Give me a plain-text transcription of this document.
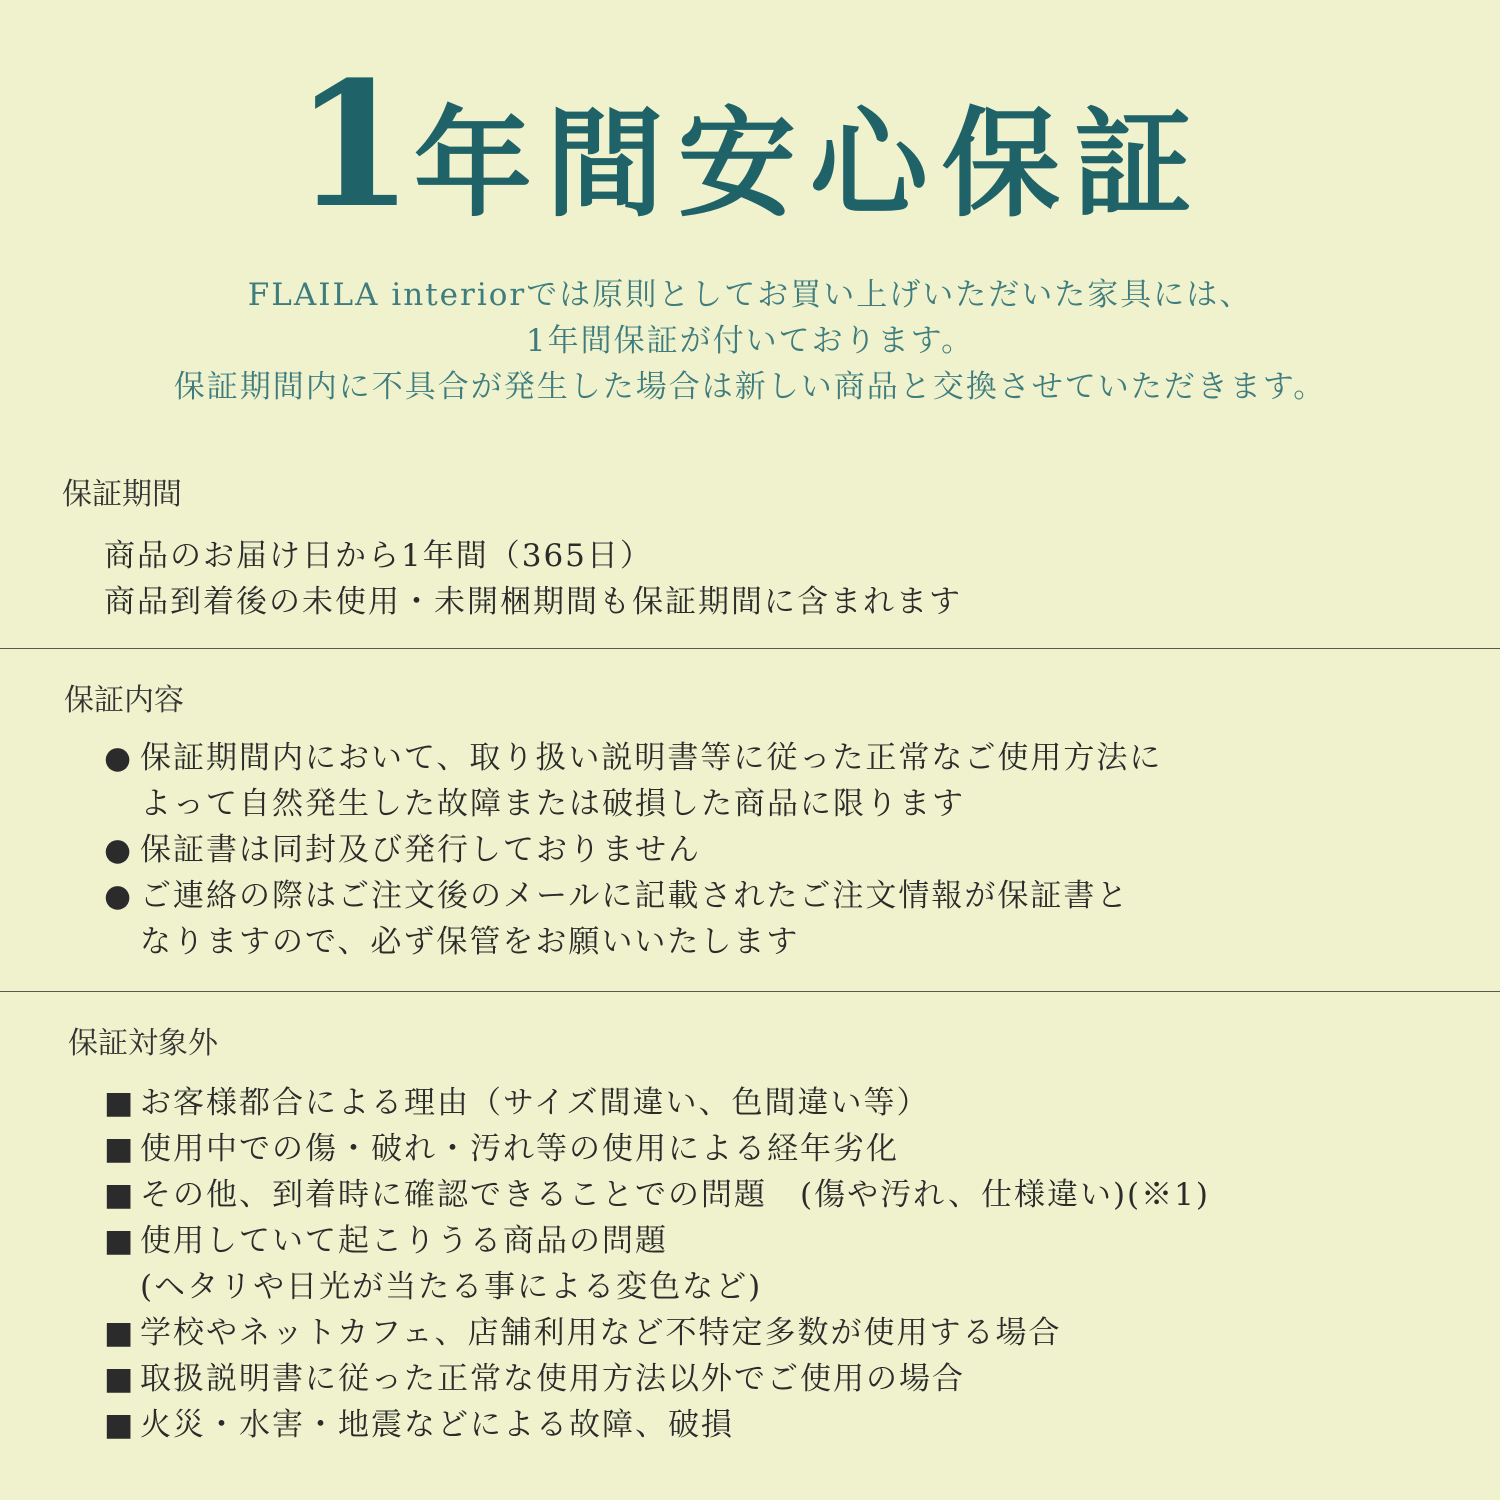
1年間安心保証
FLAILA interiorでは原則としてお買い上げいただいた家具には、
1年間保証が付いております。
保証期間内に不具合が発生した場合は新しい商品と交換させていただきます。
保証期間
商品のお届け日から1年間（365日）
商品到着後の未使用・未開梱期間も保証期間に含まれます
保証内容
● 保証期間内において、取り扱い説明書等に従った正常なご使用方法に
よって自然発生した故障または破損した商品に限ります
● 保証書は同封及び発行しておりません
● ご連絡の際はご注文後のメールに記載されたご注文情報が保証書と
なりますので、必ず保管をお願いいたします
保証対象外
■ お客様都合による理由（サイズ間違い、色間違い等）
■ 使用中での傷・破れ・汚れ等の使用による経年劣化
■ その他、到着時に確認できることでの問題　(傷や汚れ、仕様違い)(※1)
■ 使用していて起こりうる商品の問題
(ヘタリや日光が当たる事による変色など)
■ 学校やネットカフェ、店舗利用など不特定多数が使用する場合
■ 取扱説明書に従った正常な使用方法以外でご使用の場合
■ 火災・水害・地震などによる故障、破損
